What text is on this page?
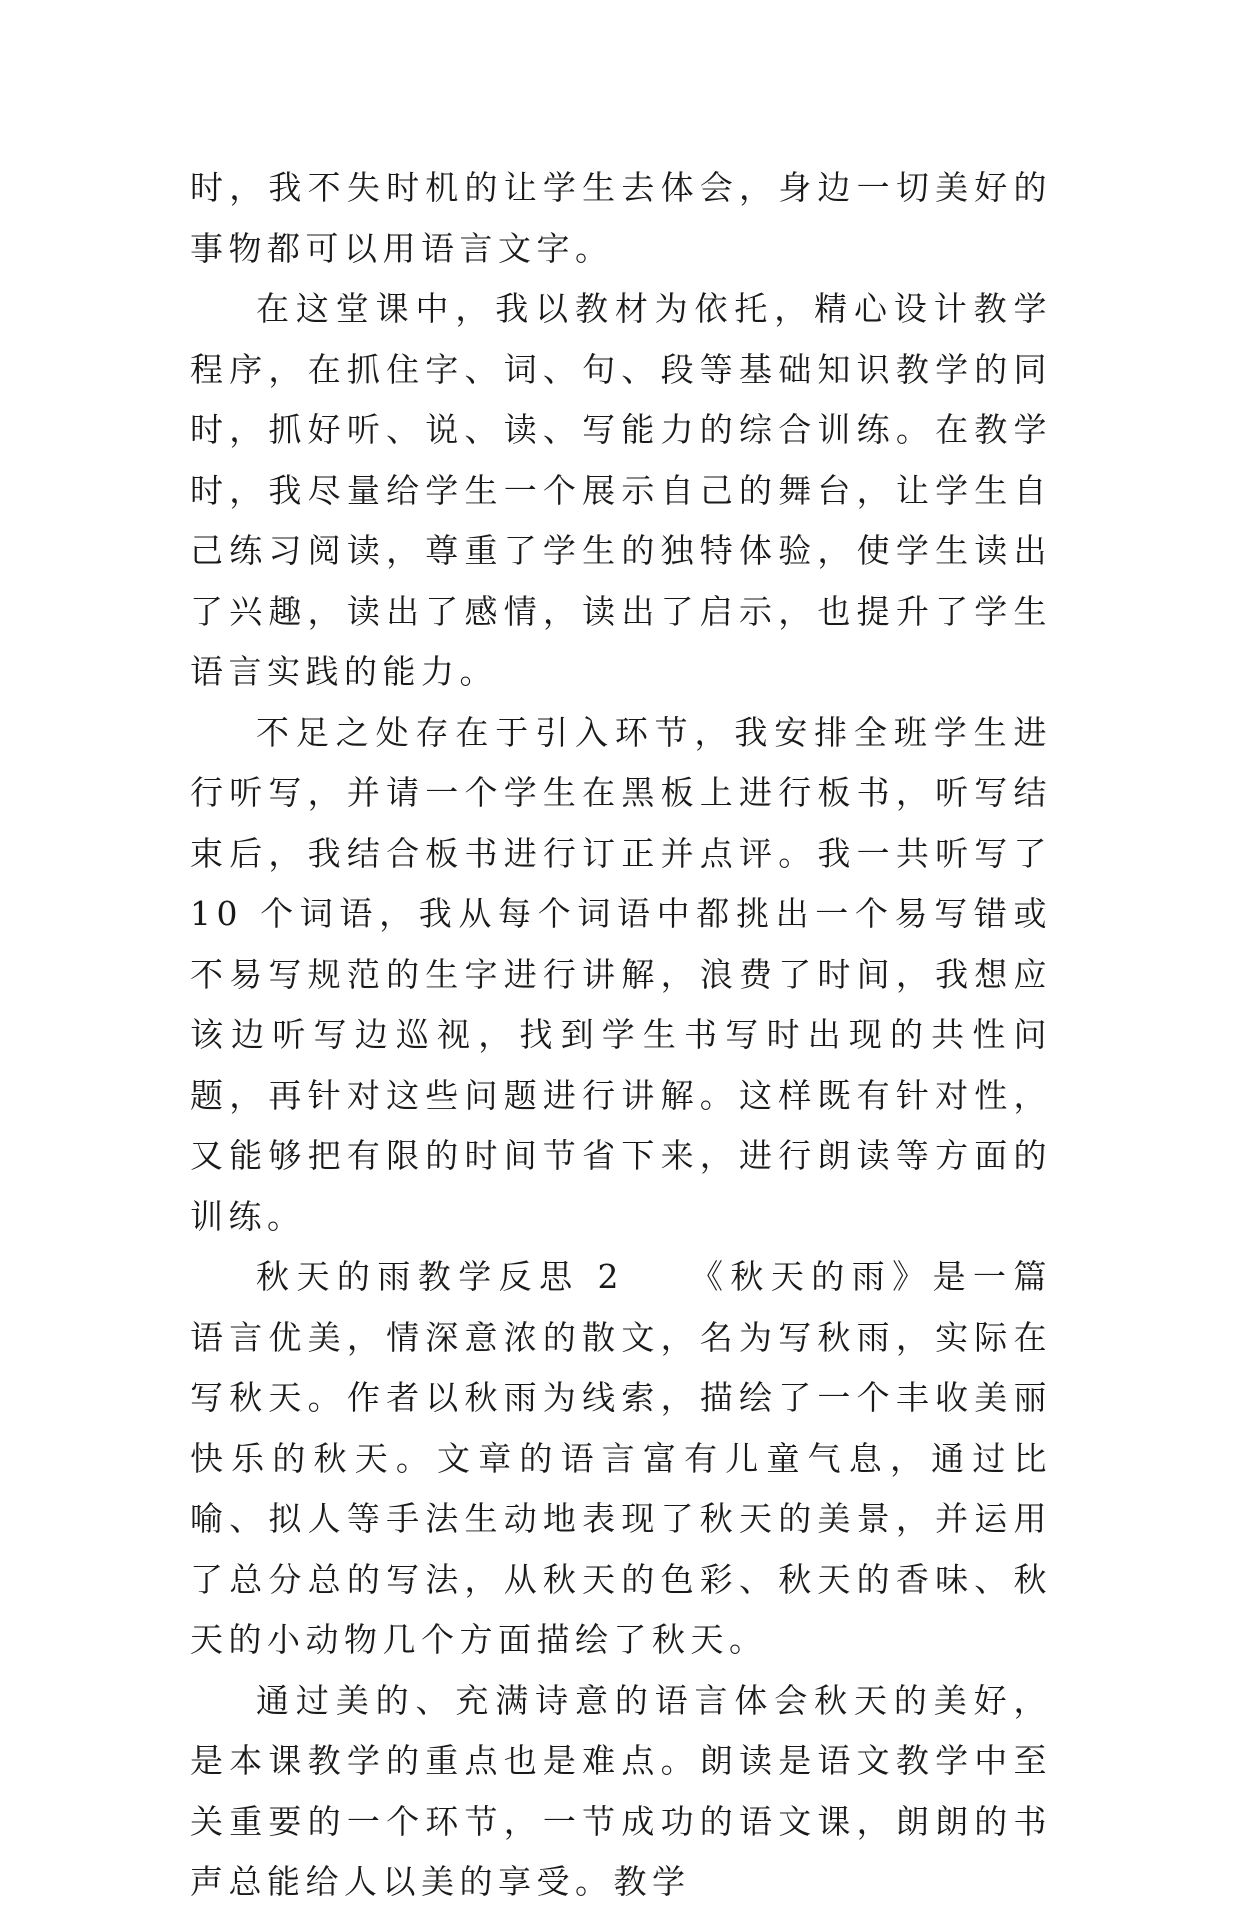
时，我不失时机的让学生去体会，身边一切美好的事物都可以用语言文字。

在这堂课中，我以教材为依托，精心设计教学程序，在抓住字、词、句、段等基础知识教学的同时，抓好听、说、读、写能力的综合训练。在教学时，我尽量给学生一个展示自己的舞台，让学生自己练习阅读，尊重了学生的独特体验，使学生读出了兴趣，读出了感情，读出了启示，也提升了学生语言实践的能力。

不足之处存在于引入环节，我安排全班学生进行听写，并请一个学生在黑板上进行板书，听写结束后，我结合板书进行订正并点评。我一共听写了 10 个词语，我从每个词语中都挑出一个易写错或不易写规范的生字进行讲解，浪费了时间，我想应该边听写边巡视，找到学生书写时出现的共性问题，再针对这些问题进行讲解。这样既有针对性，又能够把有限的时间节省下来，进行朗读等方面的训练。

秋天的雨教学反思 2 《秋天的雨》是一篇语言优美，情深意浓的散文，名为写秋雨，实际在写秋天。作者以秋雨为线索，描绘了一个丰收美丽快乐的秋天。文章的语言富有儿童气息，通过比喻、拟人等手法生动地表现了秋天的美景，并运用了总分总的写法，从秋天的色彩、秋天的香味、秋天的小动物几个方面描绘了秋天。

通过美的、充满诗意的语言体会秋天的美好，是本课教学的重点也是难点。朗读是语文教学中至关重要的一个环节，一节成功的语文课，朗朗的书声总能给人以美的享受。教学
